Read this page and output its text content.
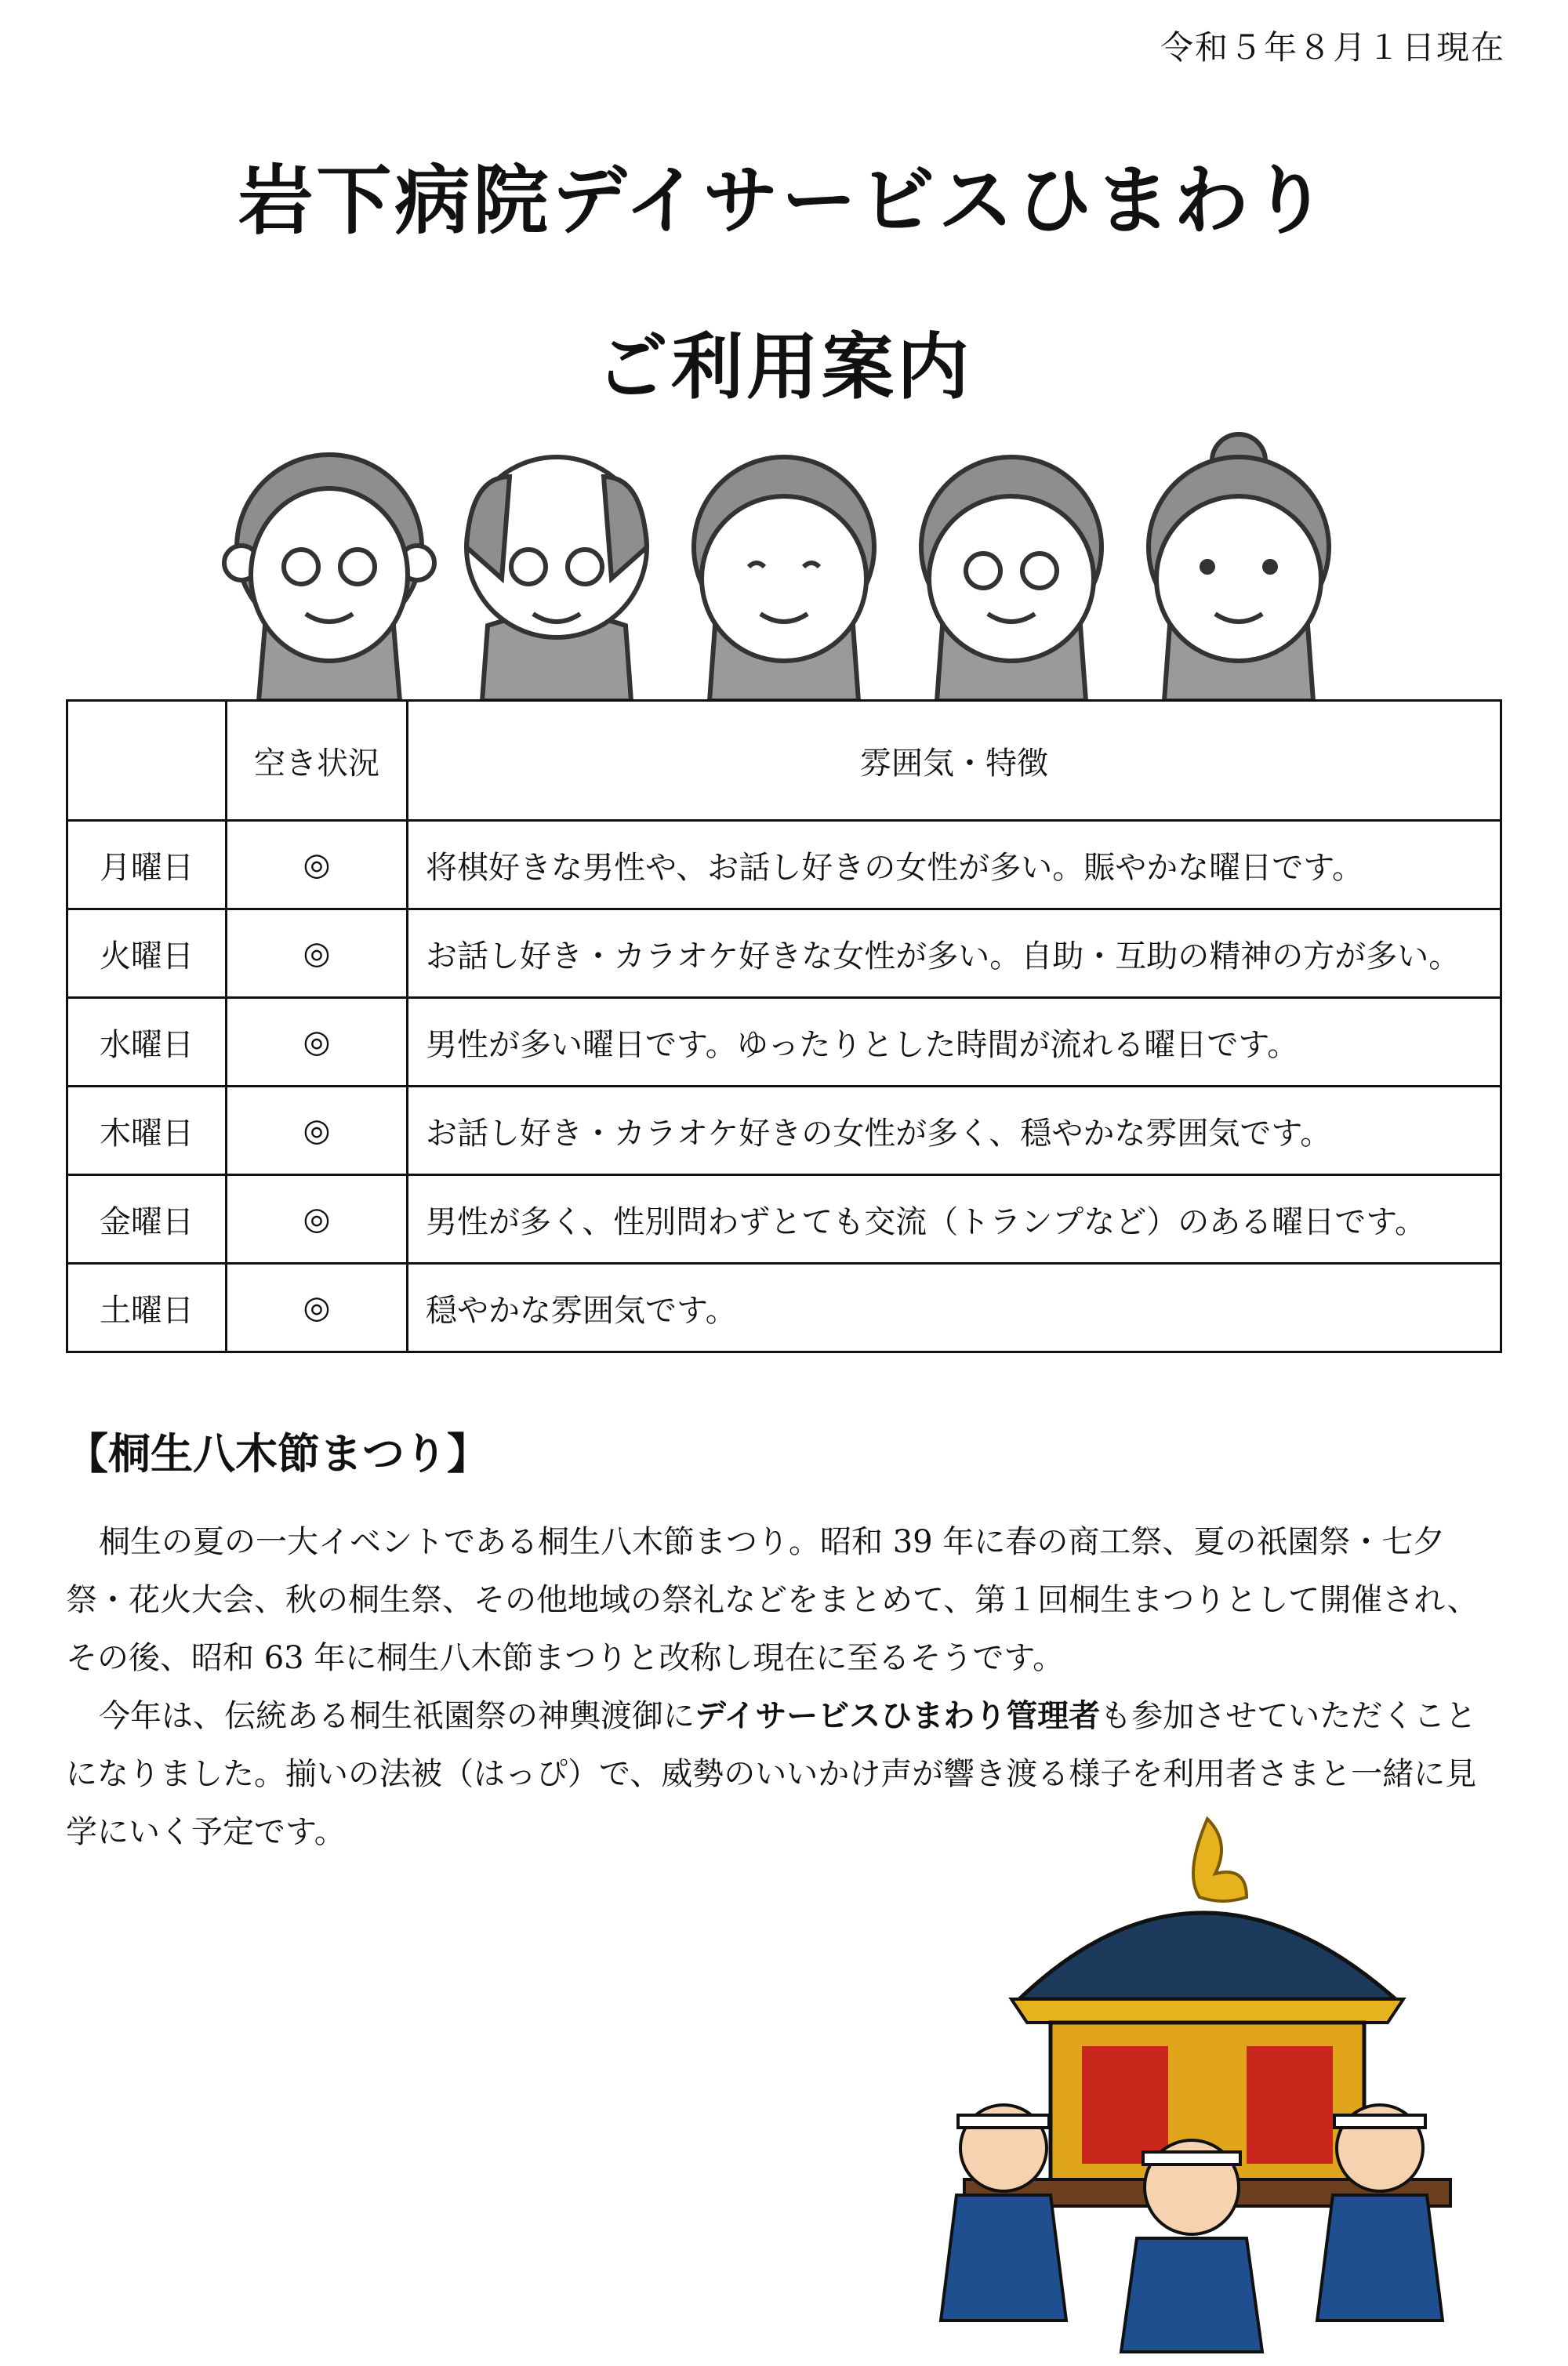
令和５年８月１日現在
岩下病院デイサービスひまわり
ご利用案内
	空き状況	雰囲気・特徴
月曜日	◎	将棋好きな男性や、お話し好きの女性が多い。賑やかな曜日です。
火曜日	◎	お話し好き・カラオケ好きな女性が多い。自助・互助の精神の方が多い。
水曜日	◎	男性が多い曜日です。ゆったりとした時間が流れる曜日です。
木曜日	◎	お話し好き・カラオケ好きの女性が多く、穏やかな雰囲気です。
金曜日	◎	男性が多く、性別問わずとても交流（トランプなど）のある曜日です。
土曜日	◎	穏やかな雰囲気です。
【桐生八木節まつり】

桐生の夏の一大イベントである桐生八木節まつり。昭和 39 年に春の商工祭、夏の祇園祭・七夕祭・花火大会、秋の桐生祭、その他地域の祭礼などをまとめて、第１回桐生まつりとして開催され、その後、昭和 63 年に桐生八木節まつりと改称し現在に至るそうです。

今年は、伝統ある桐生祇園祭の神輿渡御にデイサービスひまわり管理者も参加させていただくことになりました。揃いの法被（はっぴ）で、威勢のいいかけ声が響き渡る様子を利用者さまと一緒に見学にいく予定です。
